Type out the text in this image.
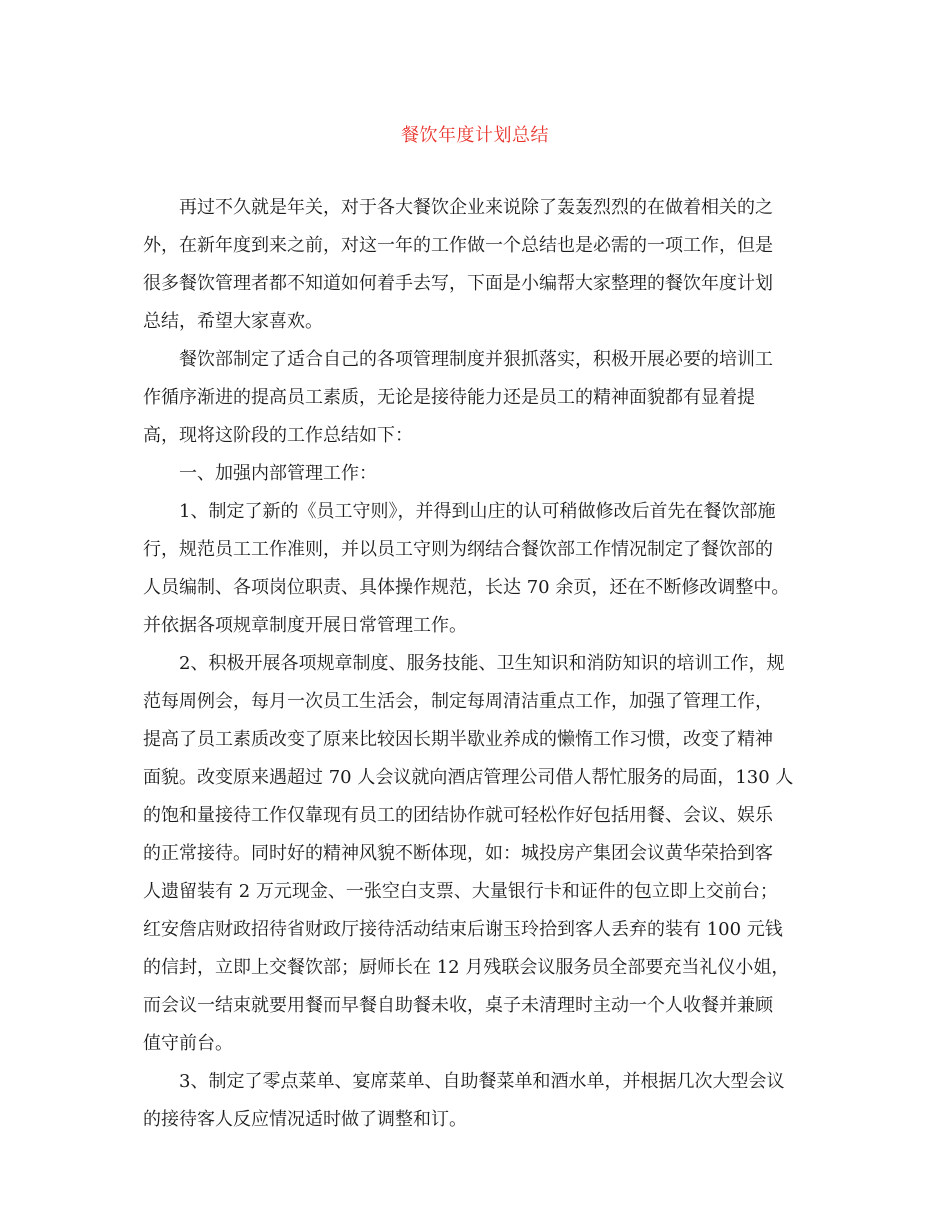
餐饮年度计划总结
再过不久就是年关，对于各大餐饮企业来说除了轰轰烈烈的在做着相关的之
外，在新年度到来之前，对这一年的工作做一个总结也是必需的一项工作，但是
很多餐饮管理者都不知道如何着手去写，下面是小编帮大家整理的餐饮年度计划
总结，希望大家喜欢。
餐饮部制定了适合自己的各项管理制度并狠抓落实，积极开展必要的培训工
作循序渐进的提高员工素质，无论是接待能力还是员工的精神面貌都有显着提
高，现将这阶段的工作总结如下：
一、加强内部管理工作：
1、制定了新的《员工守则》，并得到山庄的认可稍做修改后首先在餐饮部施
行，规范员工工作准则，并以员工守则为纲结合餐饮部工作情况制定了餐饮部的
人员编制、各项岗位职责、具体操作规范，长达 70 余页，还在不断修改调整中。
并依据各项规章制度开展日常管理工作。
2、积极开展各项规章制度、服务技能、卫生知识和消防知识的培训工作，规
范每周例会，每月一次员工生活会，制定每周清洁重点工作，加强了管理工作，
提高了员工素质改变了原来比较因长期半歇业养成的懒惰工作习惯，改变了精神
面貌。改变原来遇超过 70 人会议就向酒店管理公司借人帮忙服务的局面，130 人
的饱和量接待工作仅靠现有员工的团结协作就可轻松作好包括用餐、会议、娱乐
的正常接待。同时好的精神风貌不断体现，如：城投房产集团会议黄华荣拾到客
人遗留装有 2 万元现金、一张空白支票、大量银行卡和证件的包立即上交前台；
红安詹店财政招待省财政厅接待活动结束后谢玉玲拾到客人丢弃的装有 100 元钱
的信封，立即上交餐饮部；厨师长在 12 月残联会议服务员全部要充当礼仪小姐，
而会议一结束就要用餐而早餐自助餐未收，桌子未清理时主动一个人收餐并兼顾
值守前台。
3、制定了零点菜单、宴席菜单、自助餐菜单和酒水单，并根据几次大型会议
的接待客人反应情况适时做了调整和订。
